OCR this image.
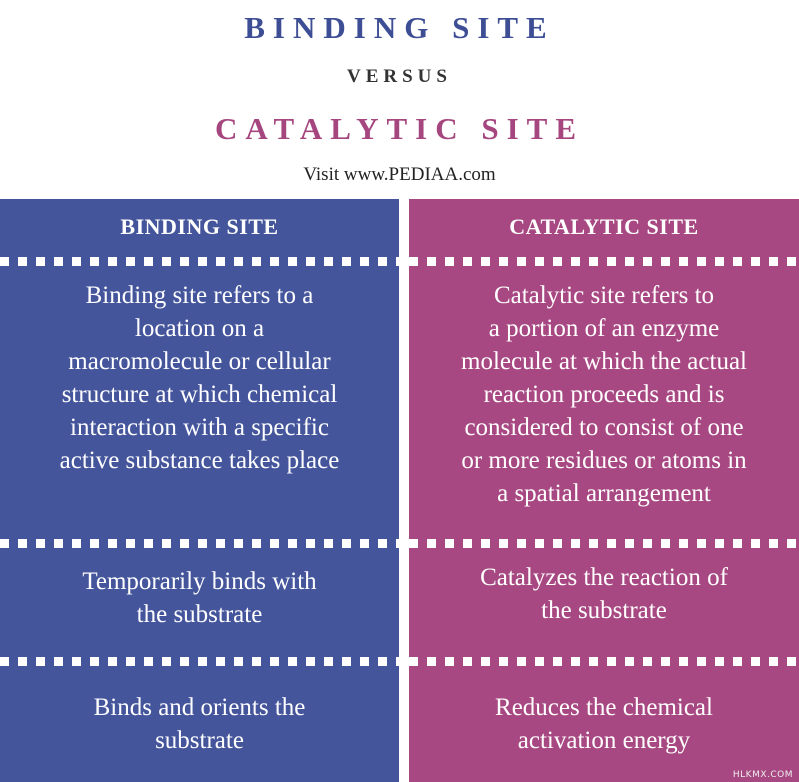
BINDING SITE
VERSUS
CATALYTIC SITE
Visit www.PEDIAA.com
BINDING SITE
Binding site refers to a
location on a
macromolecule or cellular
structure at which chemical
interaction with a specific
active substance takes place
Temporarily binds with
the substrate
Binds and orients the
substrate
CATALYTIC SITE
Catalytic site refers to
a portion of an enzyme
molecule at which the actual
reaction proceeds and is
considered to consist of one
or more residues or atoms in
a spatial arrangement
Catalyzes the reaction of
the substrate
Reduces the chemical
activation energy
HLKMX.COM
